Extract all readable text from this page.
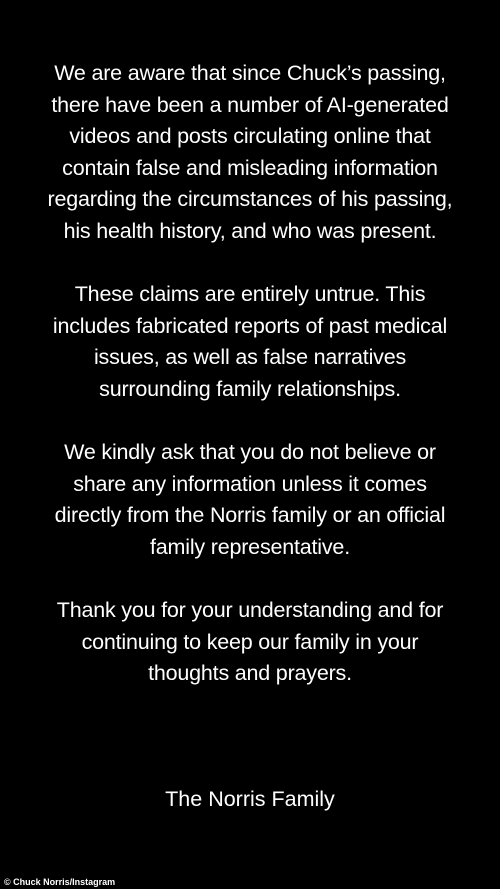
We are aware that since Chuck’s passing,
there have been a number of AI-generated
videos and posts circulating online that
contain false and misleading information
regarding the circumstances of his passing,
his health history, and who was present.

These claims are entirely untrue. This
includes fabricated reports of past medical
issues, as well as false narratives
surrounding family relationships.

We kindly ask that you do not believe or
share any information unless it comes
directly from the Norris family or an official
family representative.

Thank you for your understanding and for
continuing to keep our family in your
thoughts and prayers.

The Norris Family
© Chuck Norris/Instagram
